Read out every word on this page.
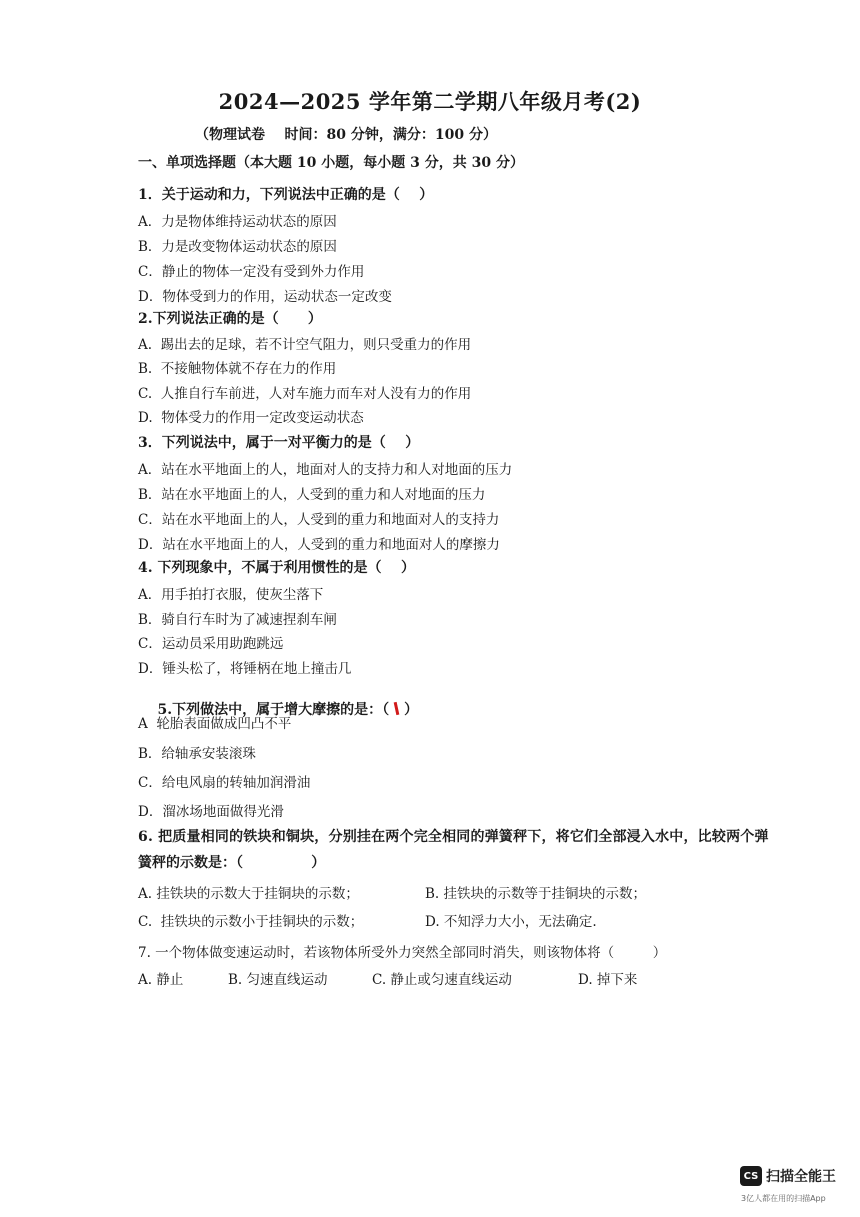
2024—2025 学年第二学期八年级月考(2)
（物理试卷    时间：80 分钟，满分：100 分）
一、单项选择题（本大题 10 小题，每小题 3 分，共 30 分）
1．关于运动和力，下列说法中正确的是（    ）
A．力是物体维持运动状态的原因
B．力是改变物体运动状态的原因
C．静止的物体一定没有受到外力作用
D．物体受到力的作用，运动状态一定改变
2.下列说法正确的是（      ）
A.  踢出去的足球，若不计空气阻力，则只受重力的作用
B.  不接触物体就不存在力的作用
C.  人推自行车前进，人对车施力而车对人没有力的作用
D.  物体受力的作用一定改变运动状态
3．下列说法中，属于一对平衡力的是（    ）
A．站在水平地面上的人，地面对人的支持力和人对地面的压力
B．站在水平地面上的人，人受到的重力和人对地面的压力
C．站在水平地面上的人，人受到的重力和地面对人的支持力
D．站在水平地面上的人，人受到的重力和地面对人的摩擦力
4. 下列现象中，不属于利用惯性的是（    ）
A．用手拍打衣服，使灰尘落下
B．骑自行车时为了减速捏刹车闸
C．运动员采用助跑跳远
D．锤头松了，将锤柄在地上撞击几

5.下列做法中，属于增大摩擦的是：（ ）

A  轮胎表面做成凹凸不平
B．给轴承安装滚珠
C．给电风扇的转轴加润滑油
D．溜冰场地面做得光滑
6. 把质量相同的铁块和铜块，分别挂在两个完全相同的弹簧秤下，将它们全部浸入水中，比较两个弹
簧秤的示数是：（              ）
A. 挂铁块的示数大于挂铜块的示数；	B. 挂铁块的示数等于挂铜块的示数；
C.  挂铁块的示数小于挂铜块的示数；	D. 不知浮力大小，无法确定.
7. 一个物体做变速运动时，若该物体所受外力突然全部同时消失，则该物体将（         ）
A. 静止	B. 匀速直线运动	C. 静止或匀速直线运动	D. 掉下来
CS 扫描全能王
3亿人都在用的扫描App
